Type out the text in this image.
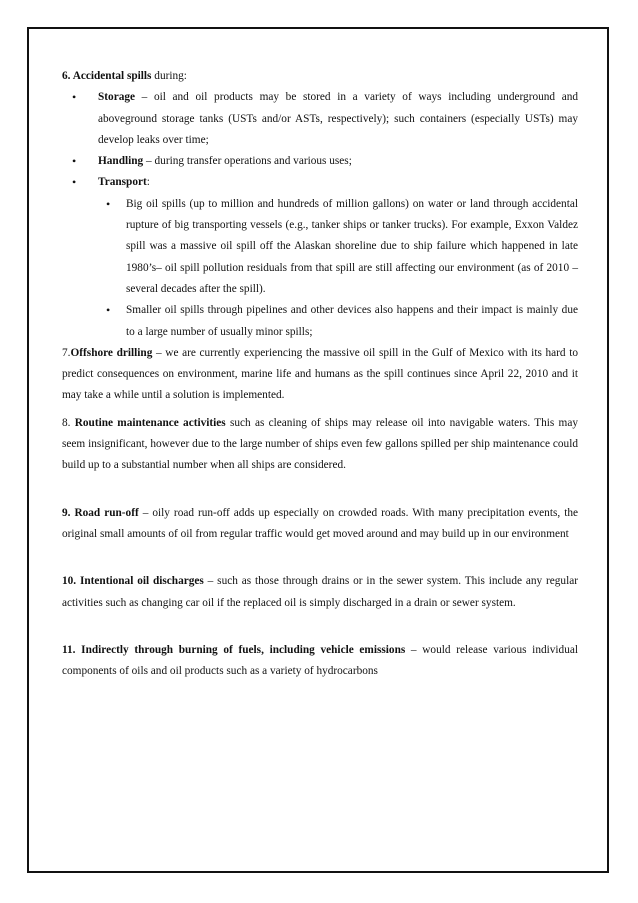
6. Accidental spills during:

• Storage – oil and oil products may be stored in a variety of ways including underground and aboveground storage tanks (USTs and/or ASTs, respectively); such containers (especially USTs) may develop leaks over time;
• Handling – during transfer operations and various uses;
• Transport:
• Big oil spills (up to million and hundreds of million gallons) on water or land through accidental rupture of big transporting vessels (e.g., tanker ships or tanker trucks). For example, Exxon Valdez spill was a massive oil spill off the Alaskan shoreline due to ship failure which happened in late 1980’s– oil spill pollution residuals from that spill are still affecting our environment (as of 2010 – several decades after the spill).
• Smaller oil spills through pipelines and other devices also happens and their impact is mainly due to a large number of usually minor spills;

7.Offshore drilling – we are currently experiencing the massive oil spill in the Gulf of Mexico with its hard to predict consequences on environment, marine life and humans as the spill continues since April 22, 2010 and it may take a while until a solution is implemented.

8. Routine maintenance activities such as cleaning of ships may release oil into navigable waters. This may seem insignificant, however due to the large number of ships even few gallons spilled per ship maintenance could build up to a substantial number when all ships are considered.

9. Road run-off – oily road run-off adds up especially on crowded roads. With many precipitation events, the original small amounts of oil from regular traffic would get moved around and may build up in our environment

10. Intentional oil discharges – such as those through drains or in the sewer system. This include any regular activities such as changing car oil if the replaced oil is simply discharged in a drain or sewer system.

11. Indirectly through burning of fuels, including vehicle emissions – would release various individual components of oils and oil products such as a variety of hydrocarbons
